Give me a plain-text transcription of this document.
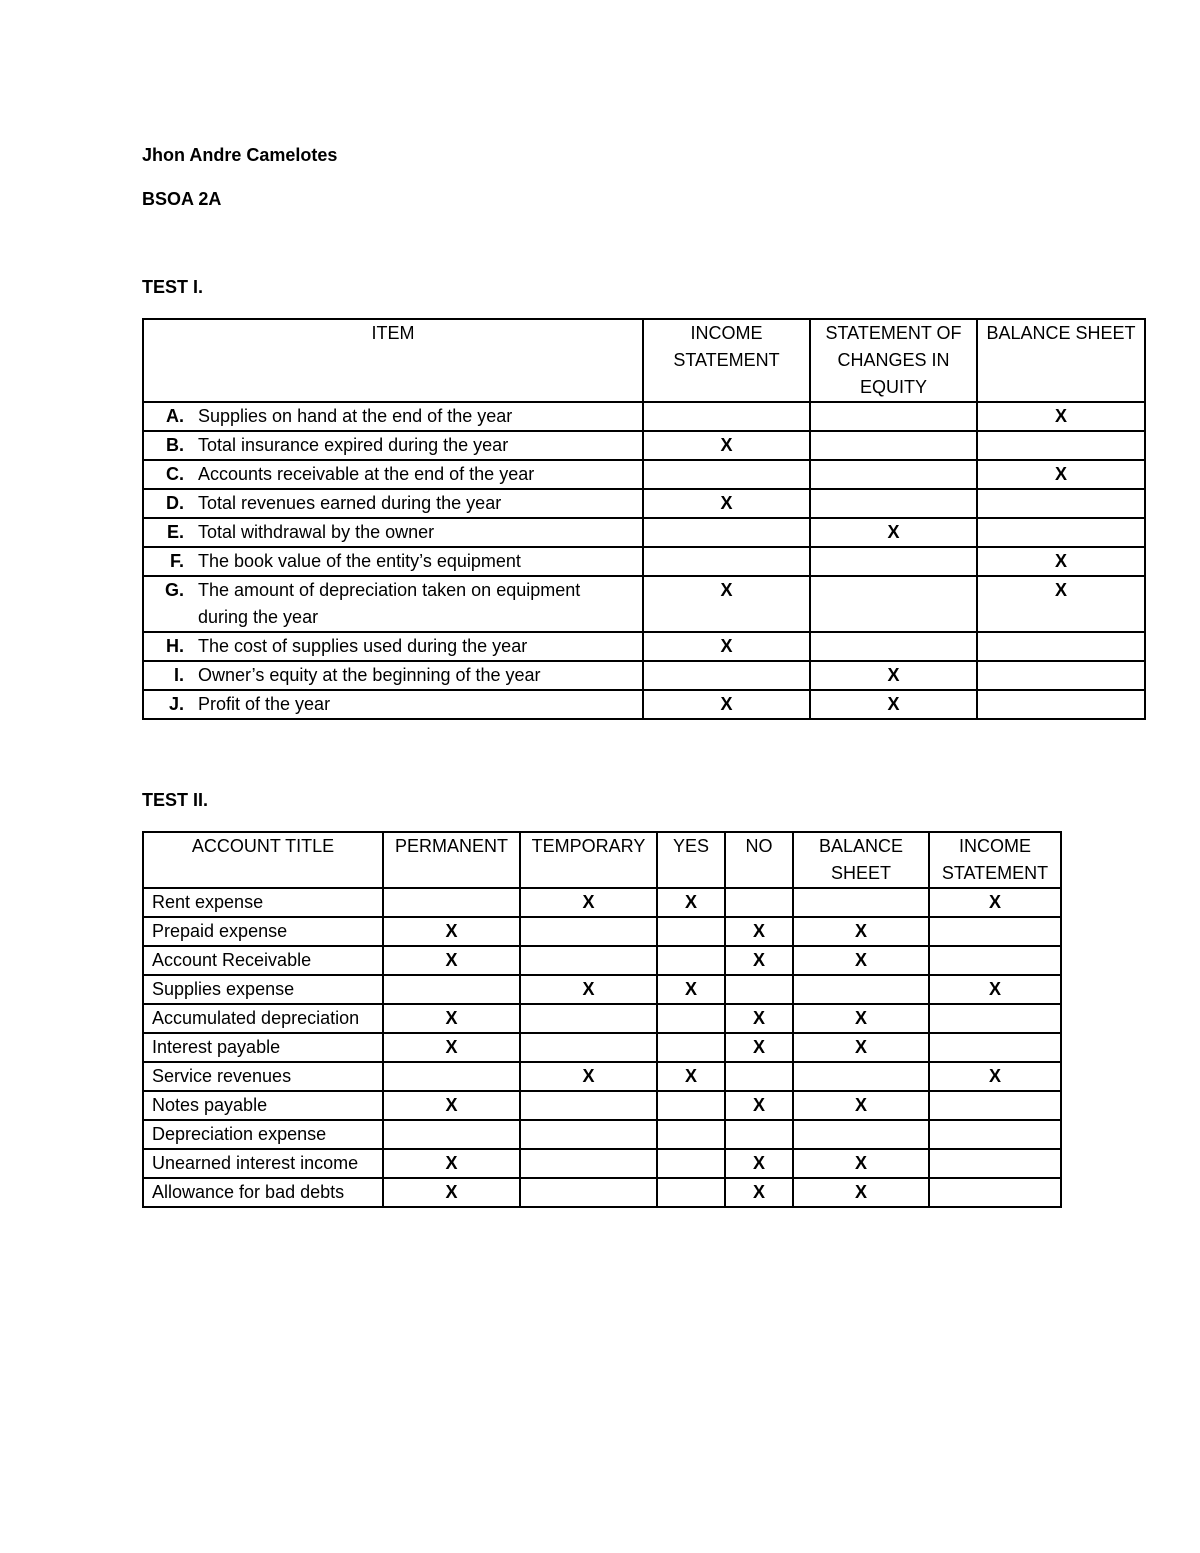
Jhon Andre Camelotes
BSOA 2A
TEST I.
ITEM	INCOME STATEMENT	STATEMENT OF CHANGES IN EQUITY	BALANCE SHEET
A. Supplies on hand at the end of the year			X
B.Total insurance expired during the year	X		
C.Accounts receivable at the end of the year			X
D. Total revenues earned during the year	X		
E. Total withdrawal by the owner		X	
F. The book value of the entity’s equipment			X
G. The amount of depreciation taken on equipment during the year	X		X
H. The cost of supplies used during the year	X		
I. Owner’s equity at the beginning of the year		X	
J. Profit of the year	X	X	
TEST II.
ACCOUNT TITLE	PERMANENT	TEMPORARY	YES	NO	BALANCE SHEET	INCOME STATEMENT
Rent expense		X	X			X
Prepaid expense	X			X	X	
Account Receivable	X			X	X	
Supplies expense		X	X			X
Accumulated depreciation	X			X	X	
Interest payable	X			X	X	
Service revenues		X	X			X
Notes payable	X			X	X	
Depreciation expense						
Unearned interest income	X			X	X	
Allowance for bad debts	X			X	X	
